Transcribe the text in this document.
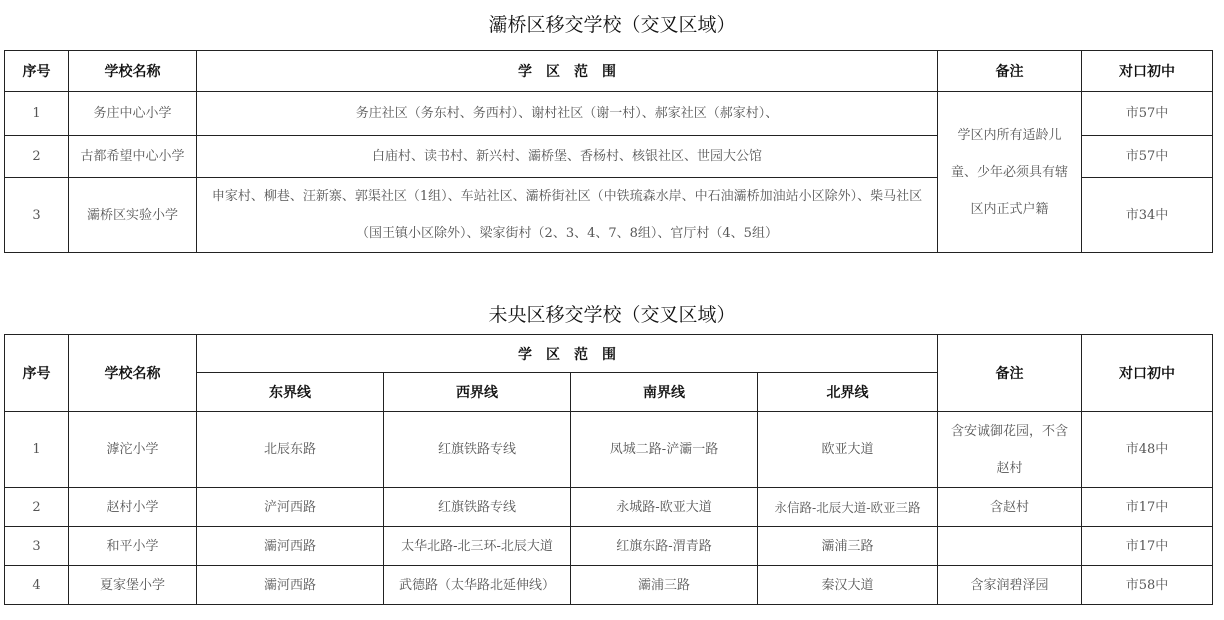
灞桥区移交学校（交叉区域）
序号	学校名称	学　区　范　围	备注	对口初中
1	务庄中心小学	务庄社区（务东村、务西村）、谢村社区（谢一村）、郝家社区（郝家村）、	学区内所有适龄儿童、少年必须具有辖区内正式户籍	市57中
2	古都希望中心小学	白庙村、读书村、新兴村、灞桥堡、香杨村、核银社区、世园大公馆		市57中
3	灞桥区实验小学	申家村、柳巷、汪新寨、郭渠社区（1组）、车站社区、灞桥街社区（中铁琉森水岸、中石油灞桥加油站小区除外）、柴马社区（国王镇小区除外）、梁家街村（2、3、4、7、8组）、官厅村（4、5组）		市34中
未央区移交学校（交叉区域）
序号	学校名称	学　区　范　围				备注	对口初中
		东界线	西界线	南界线	北界线		
1	滹沱小学	北辰东路	红旗铁路专线	凤城二路-浐灞一路	欧亚大道	含安诚御花园，不含赵村	市48中
2	赵村小学	浐河西路	红旗铁路专线	永城路-欧亚大道	永信路-北辰大道-欧亚三路	含赵村	市17中
3	和平小学	灞河西路	太华北路-北三环-北辰大道	红旗东路-渭青路	灞浦三路		市17中
4	夏家堡小学	灞河西路	武德路（太华路北延伸线）	灞浦三路	秦汉大道	含家润碧泽园	市58中
